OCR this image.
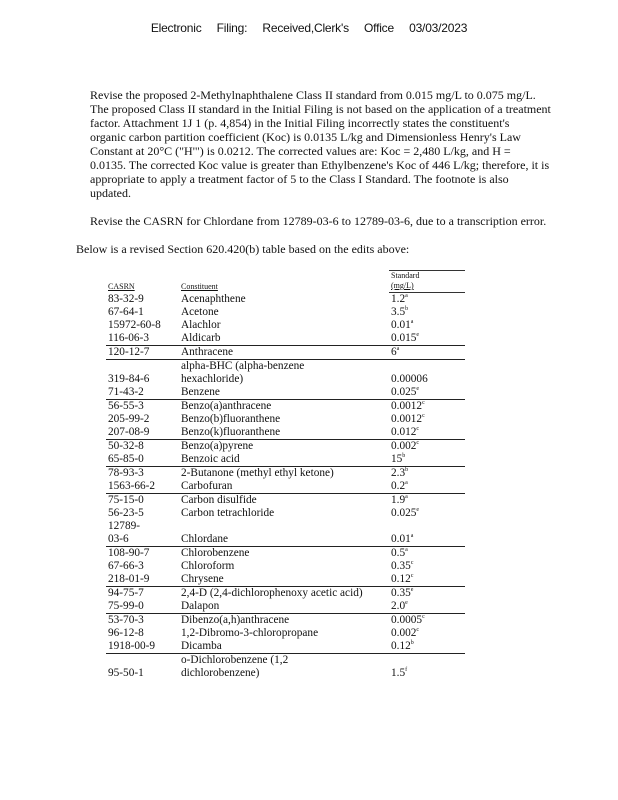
Electronic Filing: Received,Clerk's Office 03/03/2023

Revise the proposed 2-Methylnaphthalene Class II standard from 0.015 mg/L to 0.075 mg/L.

The proposed Class II standard in the Initial Filing is not based on the application of a treatment

factor. Attachment 1J 1 (p. 4,854) in the Initial Filing incorrectly states the constituent's

organic carbon partition coefficient (Koc) is 0.0135 L/kg and Dimensionless Henry's Law

Constant at 20°C ("H'") is 0.0212. The corrected values are: Koc = 2,480 L/kg, and H =

0.0135. The corrected Koc value is greater than Ethylbenzene's Koc of 446 L/kg; therefore, it is

appropriate to apply a treatment factor of 5 to the Class I Standard. The footnote is also

updated.

Revise the CASRN for Chlordane from 12789-03-6 to 12789-03-6, due to a transcription error.

Below is a revised Section 620.420(b) table based on the edits above:
CASRN	Constituent	Standard
(mg/L)

83-32-9	Acenaphthene	1.2$^a$
67-64-1	Acetone	3.5$^b$
15972-60-8	Alachlor	0.01$^a$
116-06-3	Aldicarb	0.015e
120-12-7	Anthracene	6$^a$
	alpha-BHC (alpha-benzene	
319-84-6	hexachloride)	0.00006
71-43-2	Benzene	0.025e
56-55-3	Benzo(a)anthracene	0.0012$^c$
205-99-2	Benzo(b)fluoranthene	0.0012$^c$
207-08-9	Benzo(k)fluoranthene	0.012$^c$
50-32-8	Benzo(a)pyrene	0.002$^c$
65-85-0	Benzoic acid	15$^b$
78-93-3	2-Butanone (methyl ethyl ketone)	2.3$^b$
1563-66-2	Carbofuran	0.2$^a$
75-15-0	Carbon disulfide	1.9$^a$
56-23-5	Carbon tetrachloride	0.025e
12789-		
03-6	Chlordane	0.01$^a$
108-90-7	Chlorobenzene	0.5$^a$
67-66-3	Chloroform	0.35$^c$
218-01-9	Chrysene	0.12$^c$
94-75-7	2,4-D (2,4-dichlorophenoxy acetic acid)	0.35e
75-99-0	Dalapon	2.0e
53-70-3	Dibenzo(a,h)anthracene	0.0005$^c$
96-12-8	1,2-Dibromo-3-chloropropane	0.002$^c$
1918-00-9	Dicamba	0.12$^b$
	o-Dichlorobenzene (1,2	
95-50-1	dichlorobenzene)	1.5$^f$
